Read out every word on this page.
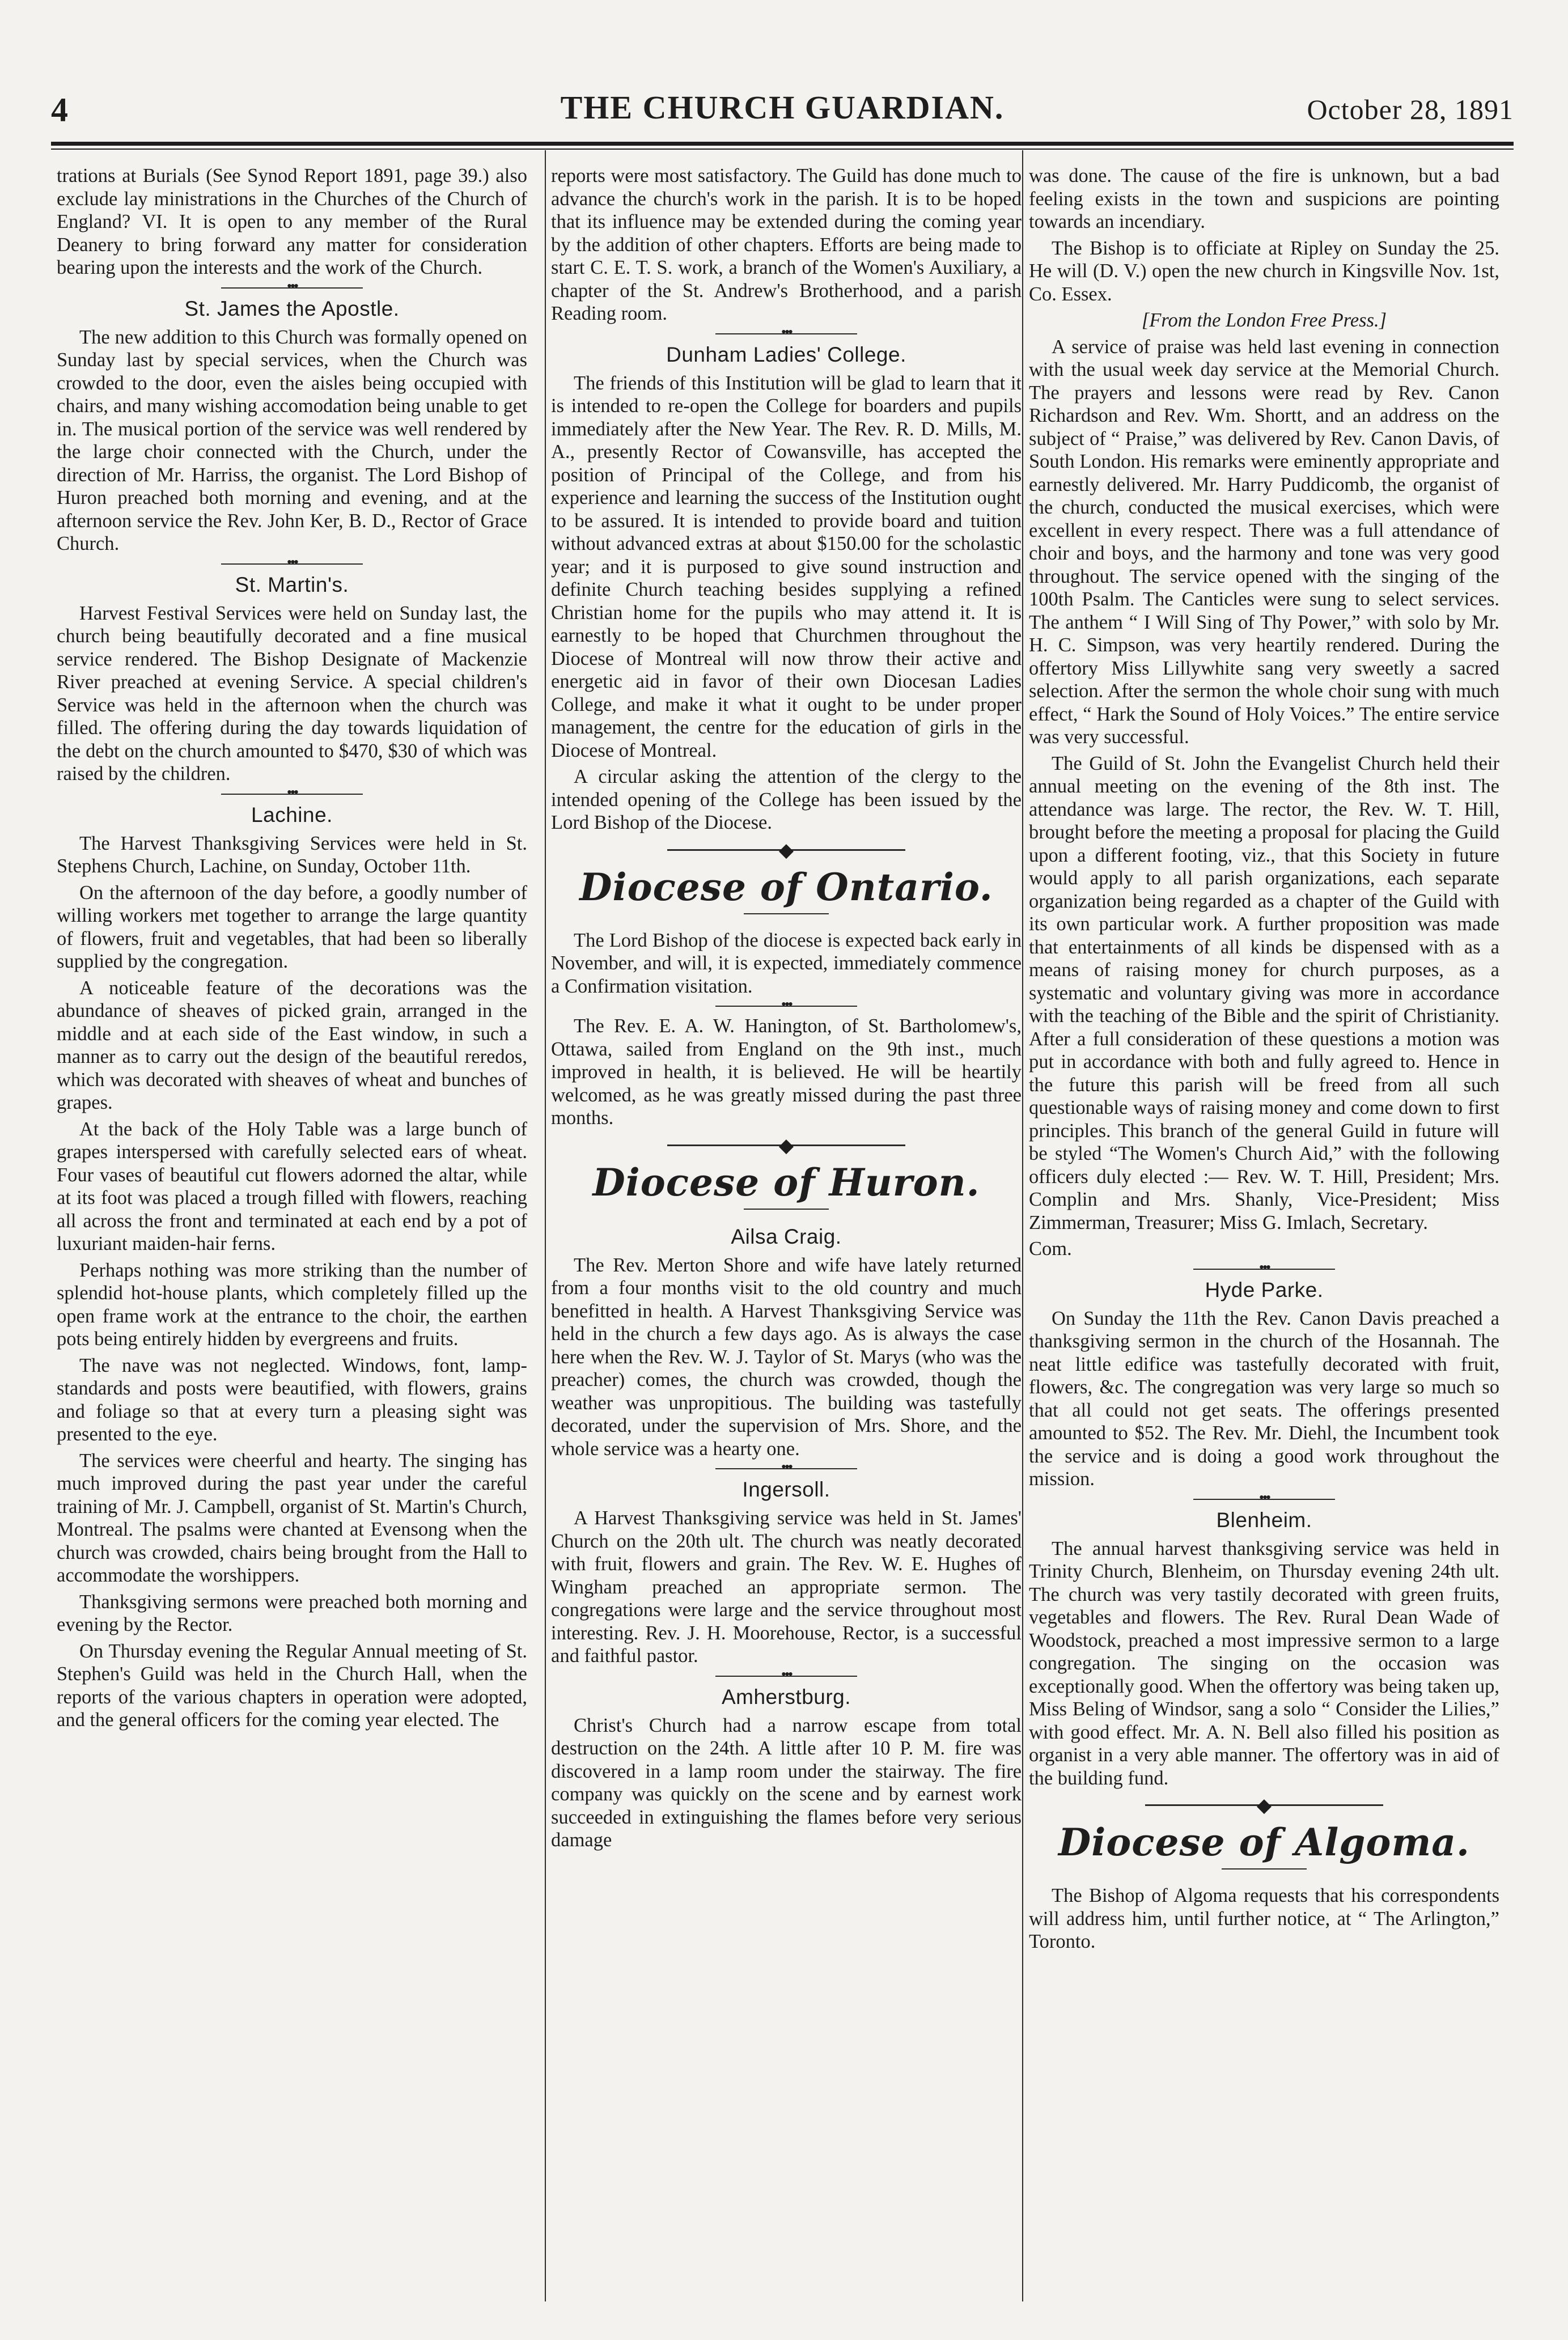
4	THE CHURCH GUARDIAN.	October 28, 1891

trations at Burials (See Synod Report 1891, page 39.) also exclude lay ministrations in the Churches of the Church of England? VI. It is open to any member of the Rural Deanery to bring forward any matter for consideration bearing upon the interests and the work of the Church.

•••
St. James the Apostle.

The new addition to this Church was formally opened on Sunday last by special services, when the Church was crowded to the door, even the aisles being occupied with chairs, and many wishing accomodation being unable to get in. The musical portion of the service was well rendered by the large choir connected with the Church, under the direction of Mr. Harriss, the organist. The Lord Bishop of Huron preached both morning and evening, and at the afternoon service the Rev. John Ker, B. D., Rector of Grace Church.

•••
St. Martin's.

Harvest Festival Services were held on Sunday last, the church being beautifully decorated and a fine musical service rendered. The Bishop Designate of Mackenzie River preached at evening Service. A special children's Service was held in the afternoon when the church was filled. The offering during the day towards liquidation of the debt on the church amounted to $470, $30 of which was raised by the children.

•••
Lachine.

The Harvest Thanksgiving Services were held in St. Stephens Church, Lachine, on Sunday, October 11th.

On the afternoon of the day before, a goodly number of willing workers met together to arrange the large quantity of flowers, fruit and vegetables, that had been so liberally supplied by the congregation.

A noticeable feature of the decorations was the abundance of sheaves of picked grain, arranged in the middle and at each side of the East window, in such a manner as to carry out the design of the beautiful reredos, which was decorated with sheaves of wheat and bunches of grapes.

At the back of the Holy Table was a large bunch of grapes interspersed with carefully selected ears of wheat. Four vases of beautiful cut flowers adorned the altar, while at its foot was placed a trough filled with flowers, reaching all across the front and terminated at each end by a pot of luxuriant maiden-hair ferns.

Perhaps nothing was more striking than the number of splendid hot-house plants, which completely filled up the open frame work at the entrance to the choir, the earthen pots being entirely hidden by evergreens and fruits.

The nave was not neglected. Windows, font, lamp-standards and posts were beautified, with flowers, grains and foliage so that at every turn a pleasing sight was presented to the eye.

The services were cheerful and hearty. The singing has much improved during the past year under the careful training of Mr. J. Campbell, organist of St. Martin's Church, Montreal. The psalms were chanted at Evensong when the church was crowded, chairs being brought from the Hall to accommodate the worshippers.

Thanksgiving sermons were preached both morning and evening by the Rector.

On Thursday evening the Regular Annual meeting of St. Stephen's Guild was held in the Church Hall, when the reports of the various chapters in operation were adopted, and the general officers for the coming year elected. The

reports were most satisfactory. The Guild has done much to advance the church's work in the parish. It is to be hoped that its influence may be extended during the coming year by the addition of other chapters. Efforts are being made to start C. E. T. S. work, a branch of the Women's Auxiliary, a chapter of the St. Andrew's Brotherhood, and a parish Reading room.

•••
Dunham Ladies' College.

The friends of this Institution will be glad to learn that it is intended to re-open the College for boarders and pupils immediately after the New Year. The Rev. R. D. Mills, M. A., presently Rector of Cowansville, has accepted the position of Principal of the College, and from his experience and learning the success of the Institution ought to be assured. It is intended to provide board and tuition without advanced extras at about $150.00 for the scholastic year; and it is purposed to give sound instruction and definite Church teaching besides supplying a refined Christian home for the pupils who may attend it. It is earnestly to be hoped that Churchmen throughout the Diocese of Montreal will now throw their active and energetic aid in favor of their own Diocesan Ladies College, and make it what it ought to be under proper management, the centre for the education of girls in the Diocese of Montreal.

A circular asking the attention of the clergy to the intended opening of the College has been issued by the Lord Bishop of the Diocese.

◆
Diocese of Ontario.

The Lord Bishop of the diocese is expected back early in November, and will, it is expected, immediately commence a Confirmation visitation.

•••

The Rev. E. A. W. Hanington, of St. Bartholomew's, Ottawa, sailed from England on the 9th inst., much improved in health, it is believed. He will be heartily welcomed, as he was greatly missed during the past three months.

◆
Diocese of Huron.
Ailsa Craig.

The Rev. Merton Shore and wife have lately returned from a four months visit to the old country and much benefitted in health. A Harvest Thanksgiving Service was held in the church a few days ago. As is always the case here when the Rev. W. J. Taylor of St. Marys (who was the preacher) comes, the church was crowded, though the weather was unpropitious. The building was tastefully decorated, under the supervision of Mrs. Shore, and the whole service was a hearty one.

•••
Ingersoll.

A Harvest Thanksgiving service was held in St. James' Church on the 20th ult. The church was neatly decorated with fruit, flowers and grain. The Rev. W. E. Hughes of Wingham preached an appropriate sermon. The congregations were large and the service throughout most interesting. Rev. J. H. Moorehouse, Rector, is a successful and faithful pastor.

•••
Amherstburg.

Christ's Church had a narrow escape from total destruction on the 24th. A little after 10 P. M. fire was discovered in a lamp room under the stairway. The fire company was quickly on the scene and by earnest work succeeded in extinguishing the flames before very serious damage

was done. The cause of the fire is unknown, but a bad feeling exists in the town and suspicions are pointing towards an incendiary.

The Bishop is to officiate at Ripley on Sunday the 25. He will (D. V.) open the new church in Kingsville Nov. 1st, Co. Essex.

[From the London Free Press.]

A service of praise was held last evening in connection with the usual week day service at the Memorial Church. The prayers and lessons were read by Rev. Canon Richardson and Rev. Wm. Shortt, and an address on the subject of “ Praise,” was delivered by Rev. Canon Davis, of South London. His remarks were eminently appropriate and earnestly delivered. Mr. Harry Puddicomb, the organist of the church, conducted the musical exercises, which were excellent in every respect. There was a full attendance of choir and boys, and the harmony and tone was very good throughout. The service opened with the singing of the 100th Psalm. The Canticles were sung to select services. The anthem “ I Will Sing of Thy Power,” with solo by Mr. H. C. Simpson, was very heartily rendered. During the offertory Miss Lillywhite sang very sweetly a sacred selection. After the sermon the whole choir sung with much effect, “ Hark the Sound of Holy Voices.” The entire service was very successful.

The Guild of St. John the Evangelist Church held their annual meeting on the evening of the 8th inst. The attendance was large. The rector, the Rev. W. T. Hill, brought before the meeting a proposal for placing the Guild upon a different footing, viz., that this Society in future would apply to all parish organizations, each separate organization being regarded as a chapter of the Guild with its own particular work. A further proposition was made that entertainments of all kinds be dispensed with as a means of raising money for church purposes, as a systematic and voluntary giving was more in accordance with the teaching of the Bible and the spirit of Christianity. After a full consideration of these questions a motion was put in accordance with both and fully agreed to. Hence in the future this parish will be freed from all such questionable ways of raising money and come down to first principles. This branch of the general Guild in future will be styled “The Women's Church Aid,” with the following officers duly elected :— Rev. W. T. Hill, President; Mrs. Complin and Mrs. Shanly, Vice-President; Miss Zimmerman, Treasurer; Miss G. Imlach, Secretary.

Com.

•••
Hyde Parke.

On Sunday the 11th the Rev. Canon Davis preached a thanksgiving sermon in the church of the Hosannah. The neat little edifice was tastefully decorated with fruit, flowers, &c. The congregation was very large so much so that all could not get seats. The offerings presented amounted to $52. The Rev. Mr. Diehl, the Incumbent took the service and is doing a good work throughout the mission.

•••
Blenheim.

The annual harvest thanksgiving service was held in Trinity Church, Blenheim, on Thursday evening 24th ult. The church was very tastily decorated with green fruits, vegetables and flowers. The Rev. Rural Dean Wade of Woodstock, preached a most impressive sermon to a large congregation. The singing on the occasion was exceptionally good. When the offertory was being taken up, Miss Beling of Windsor, sang a solo “ Consider the Lilies,” with good effect. Mr. A. N. Bell also filled his position as organist in a very able manner. The offertory was in aid of the building fund.

◆
Diocese of Algoma.

The Bishop of Algoma requests that his correspondents will address him, until further notice, at “ The Arlington,” Toronto.
